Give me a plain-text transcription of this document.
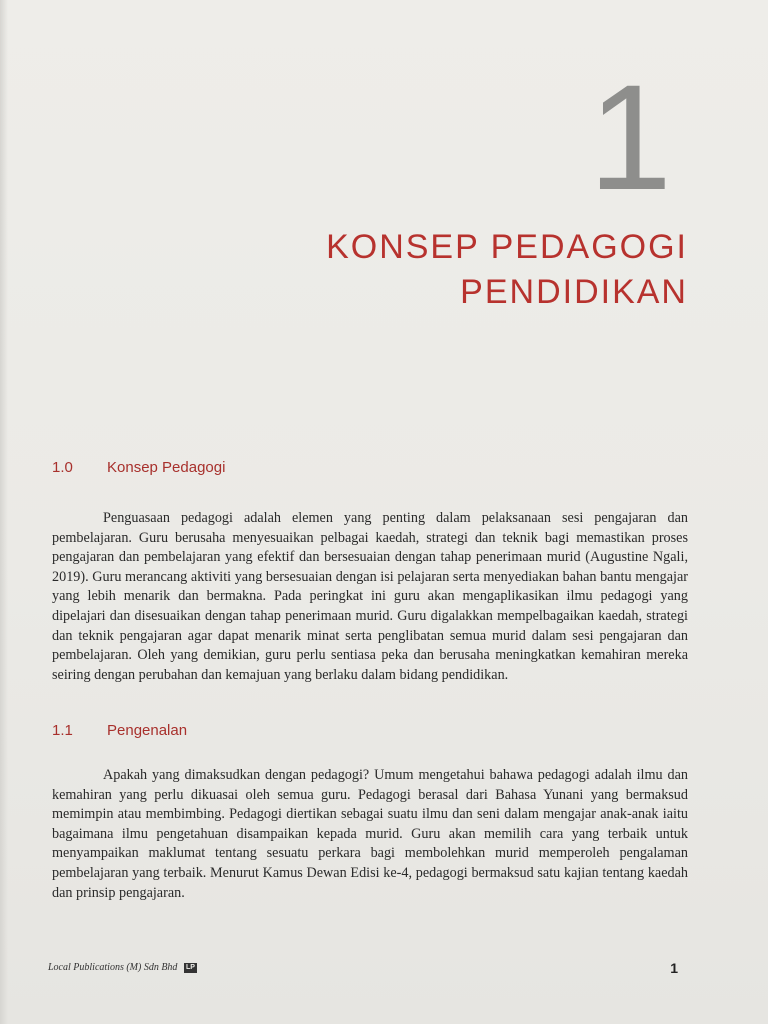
1
KONSEP PEDAGOGI
PENDIDIKAN
1.0	Konsep Pedagogi

Penguasaan pedagogi adalah elemen yang penting dalam pelaksanaan sesi pengajaran dan pembelajaran. Guru berusaha menyesuaikan pelbagai kaedah, strategi dan teknik bagi memastikan proses pengajaran dan pembelajaran yang efektif dan bersesuaian dengan tahap penerimaan murid (Augustine Ngali, 2019). Guru merancang aktiviti yang bersesuaian dengan isi pelajaran serta menyediakan bahan bantu mengajar yang lebih menarik dan bermakna. Pada peringkat ini guru akan mengaplikasikan ilmu pedagogi yang dipelajari dan disesuaikan dengan tahap penerimaan murid. Guru digalakkan mempelbagaikan kaedah, strategi dan teknik pengajaran agar dapat menarik minat serta penglibatan semua murid dalam sesi pengajaran dan pembelajaran. Oleh yang demikian, guru perlu sentiasa peka dan berusaha meningkatkan kemahiran mereka seiring dengan perubahan dan kemajuan yang berlaku dalam bidang pendidikan.

1.1	Pengenalan

Apakah yang dimaksudkan dengan pedagogi? Umum mengetahui bahawa pedagogi adalah ilmu dan kemahiran yang perlu dikuasai oleh semua guru. Pedagogi berasal dari Bahasa Yunani yang bermaksud memimpin atau membimbing. Pedagogi diertikan sebagai suatu ilmu dan seni dalam mengajar anak-anak iaitu bagaimana ilmu pengetahuan disampaikan kepada murid. Guru akan memilih cara yang terbaik untuk menyampaikan maklumat tentang sesuatu perkara bagi membolehkan murid memperoleh pengalaman pembelajaran yang terbaik. Menurut Kamus Dewan Edisi ke-4, pedagogi bermaksud satu kajian tentang kaedah dan prinsip pengajaran.

Local Publications (M) Sdn Bhd LP	1
